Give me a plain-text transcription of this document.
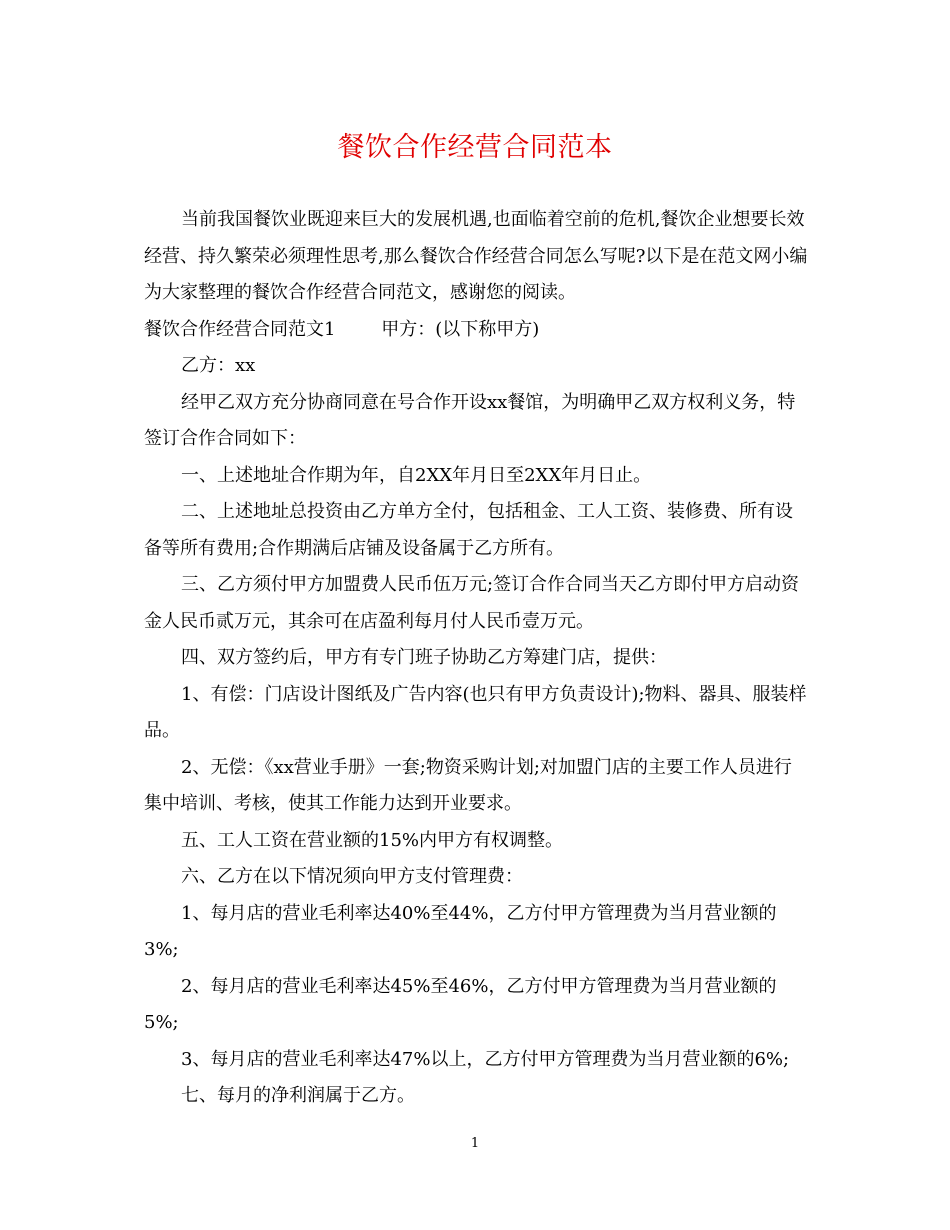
餐饮合作经营合同范本

当前我国餐饮业既迎来巨大的发展机遇,也面临着空前的危机,餐饮企业想要长效经营、持久繁荣必须理性思考,那么餐饮合作经营合同怎么写呢?以下是在范文网小编为大家整理的餐饮合作经营合同范文，感谢您的阅读。

餐饮合作经营合同范文1        甲方：(以下称甲方)

乙方：xx

经甲乙双方充分协商同意在号合作开设xx餐馆，为明确甲乙双方权利义务，特签订合作合同如下：

一、上述地址合作期为年，自2XX年月日至2XX年月日止。

二、上述地址总投资由乙方单方全付，包括租金、工人工资、装修费、所有设备等所有费用;合作期满后店铺及设备属于乙方所有。

三、乙方须付甲方加盟费人民币伍万元;签订合作合同当天乙方即付甲方启动资金人民币贰万元，其余可在店盈利每月付人民币壹万元。

四、双方签约后，甲方有专门班子协助乙方筹建门店，提供：

1、有偿：门店设计图纸及广告内容(也只有甲方负责设计);物料、器具、服装样品。

2、无偿：《xx营业手册》一套;物资采购计划;对加盟门店的主要工作人员进行集中培训、考核，使其工作能力达到开业要求。

五、工人工资在营业额的15%内甲方有权调整。

六、乙方在以下情况须向甲方支付管理费：

1、每月店的营业毛利率达40%至44%，乙方付甲方管理费为当月营业额的3%;

2、每月店的营业毛利率达45%至46%，乙方付甲方管理费为当月营业额的5%;

3、每月店的营业毛利率达47%以上，乙方付甲方管理费为当月营业额的6%;

七、每月的净利润属于乙方。

1
